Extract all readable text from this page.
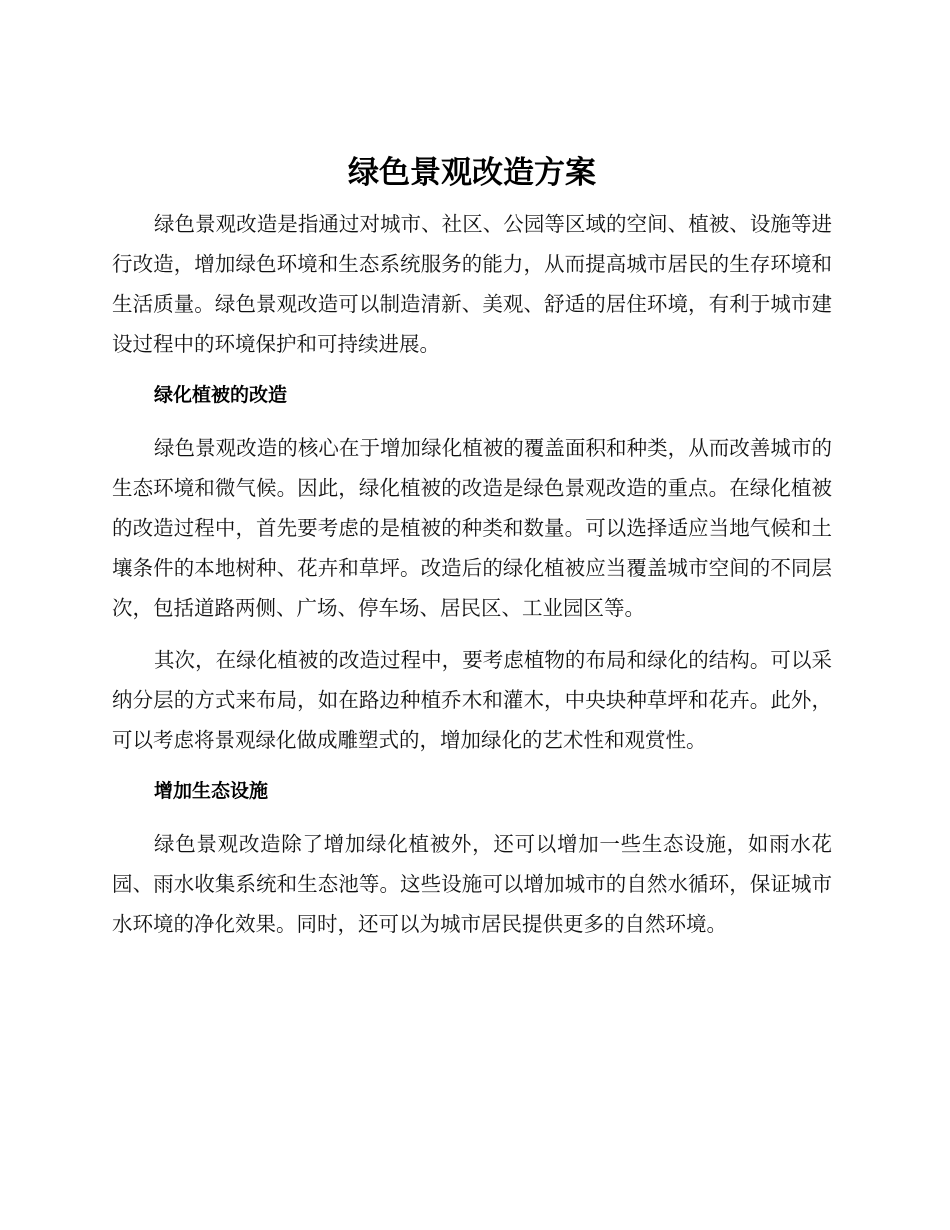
绿色景观改造方案

绿色景观改造是指通过对城市、社区、公园等区域的空间、植被、设施等进行改造，增加绿色环境和生态系统服务的能力，从而提高城市居民的生存环境和生活质量。绿色景观改造可以制造清新、美观、舒适的居住环境，有利于城市建设过程中的环境保护和可持续进展。

绿化植被的改造

绿色景观改造的核心在于增加绿化植被的覆盖面积和种类，从而改善城市的生态环境和微气候。因此，绿化植被的改造是绿色景观改造的重点。在绿化植被的改造过程中，首先要考虑的是植被的种类和数量。可以选择适应当地气候和土壤条件的本地树种、花卉和草坪。改造后的绿化植被应当覆盖城市空间的不同层次，包括道路两侧、广场、停车场、居民区、工业园区等。

其次，在绿化植被的改造过程中，要考虑植物的布局和绿化的结构。可以采纳分层的方式来布局，如在路边种植乔木和灌木，中央块种草坪和花卉。此外，可以考虑将景观绿化做成雕塑式的，增加绿化的艺术性和观赏性。

增加生态设施

绿色景观改造除了增加绿化植被外，还可以增加一些生态设施，如雨水花园、雨水收集系统和生态池等。这些设施可以增加城市的自然水循环，保证城市水环境的净化效果。同时，还可以为城市居民提供更多的自然环境。
